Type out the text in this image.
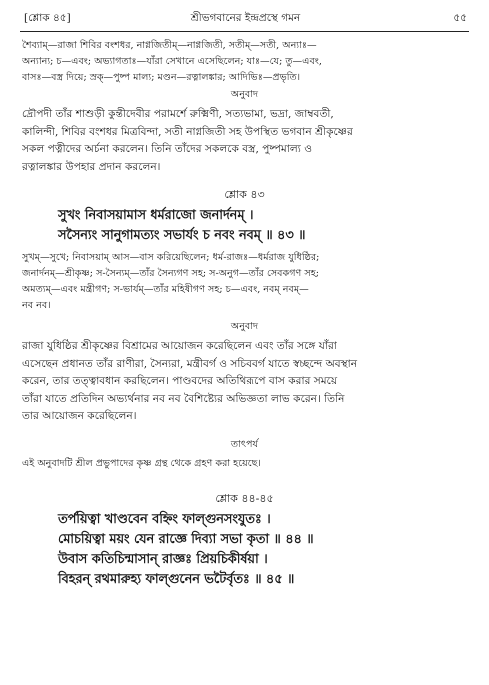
[শ্লোক ৪৫]	শ্রীভগবানের ইন্দ্রপ্রস্থে গমন	৫৫
শৈব্যাম্—রাজা শিবির বংশধর, নাগ্নজিতীম্—নাগ্নজিতী, সতীম্—সতী, অন্যাঃ—
অন্যান্য; চ—এবং; অভ্যাগতাঃ—যাঁরা সেখানে এসেছিলেন; যাঃ—যে; তু—এবং,
বাসঃ—বস্ত্র দিয়ে; স্রক্—পুষ্প মাল্য; মণ্ডন—রত্নালঙ্কার; আদিভিঃ—প্রভৃতি।
অনুবাদ
দ্রৌপদী তাঁর শাশুড়ী কুন্তীদেবীর পরামর্শে রুক্মিণী, সত্যভামা, ভদ্রা, জাম্ববতী,
কালিন্দী, শিবির বংশধর মিত্রবিন্দা, সতী নাগ্নজিতী সহ উপস্থিত ভগবান শ্রীকৃষ্ণের
সকল পত্নীদের অর্চনা করলেন। তিনি তাঁদের সকলকে বস্ত্র, পুষ্পমাল্য ও
রত্নালঙ্কার উপহার প্রদান করলেন।
শ্লোক ৪৩
সুখং নিবাসয়ামাস ধর্মরাজো জনার্দনম্ ।
সসৈন্যং সানুগামত্যং সভার্যং চ নবং নবম্ ॥ ৪৩ ॥
সুখম্—সুখে; নিবাসয়াম্ আস—বাস করিয়েছিলেন; ধর্ম-রাজঃ—ধর্মরাজ যুধিষ্ঠির;
জনার্দনম্—শ্রীকৃষ্ণ; স-সৈন্যম্—তাঁর সৈন্যগণ সহ; স-অনুগ—তাঁর সেবকগণ সহ;
অমত্যম্—এবং মন্ত্রীগণ; স-ভার্যম্—তাঁর মহিষীগণ সহ; চ—এবং, নবম্ নবম্—
নব নব।
অনুবাদ
রাজা যুধিষ্ঠির শ্রীকৃষ্ণের বিশ্রামের আয়োজন করেছিলেন এবং তাঁর সঙ্গে যাঁরা
এসেছেন প্রধানত তাঁর রাণীরা, সৈন্যরা, মন্ত্রীবর্গ ও সচিববর্গ যাতে স্বচ্ছন্দে অবস্থান
করেন, তার তত্ত্বাবধান করছিলেন। পাণ্ডবদের অতিথিরূপে বাস করার সময়ে
তাঁরা যাতে প্রতিদিন অভ্যর্থনার নব নব বৈশিষ্ট্যের অভিজ্ঞতা লাভ করেন। তিনি
তার আয়োজন করেছিলেন।
তাৎপর্য
এই অনুবাদটি শ্রীল প্রভুপাদের কৃষ্ণ গ্রন্থ থেকে গ্রহণ করা হয়েছে।
শ্লোক ৪৪-৪৫
তর্পয়িত্বা খাণ্ডবেন বহ্নিং ফাল্গুনসংযুতঃ ।
মোচয়িত্বা ময়ং যেন রাজ্ঞে দিব্যা সভা কৃতা ॥ ৪৪ ॥
উবাস কতিচিন্মাসান্ রাজ্ঞঃ প্রিয়চিকীর্ষয়া ।
বিহরন্ রথমারুহ্য ফাল্গুনেন ভটৈর্বৃতঃ ॥ ৪৫ ॥
